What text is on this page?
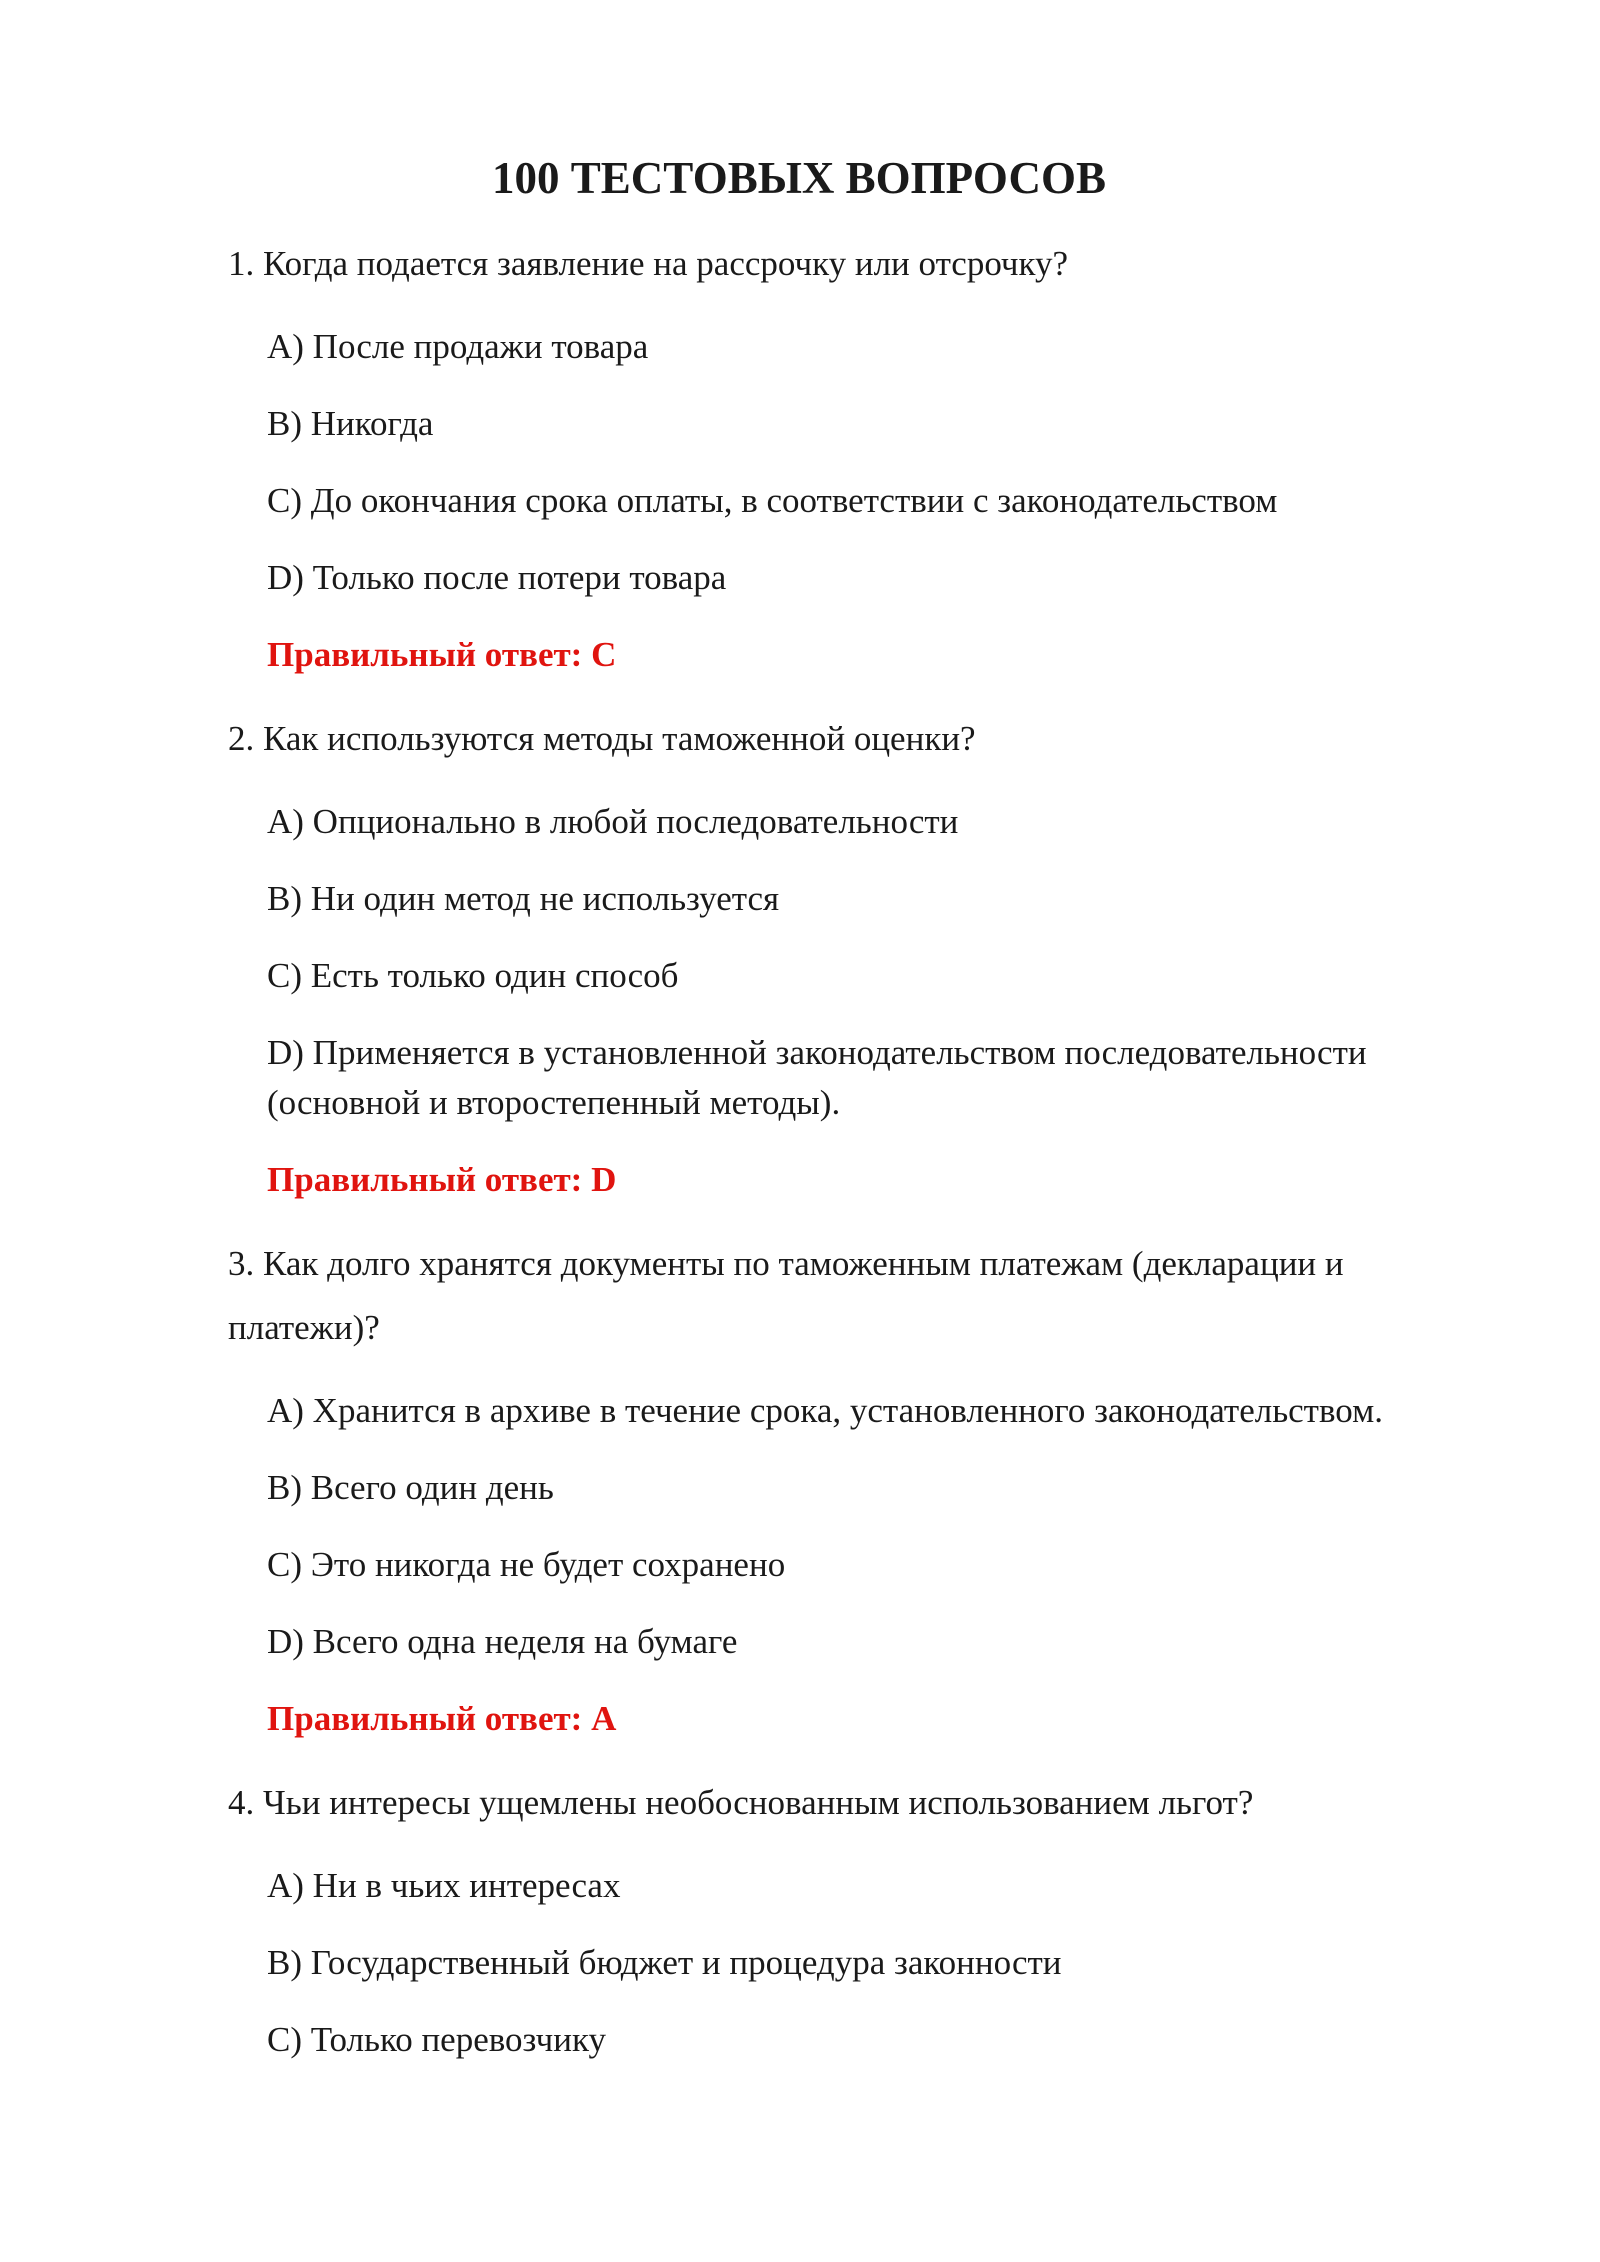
100 ТЕСТОВЫХ ВОПРОСОВ

1. Когда подается заявление на рассрочку или отсрочку?

A) После продажи товара

B) Никогда

C) До окончания срока оплаты, в соответствии с законодательством

D) Только после потери товара

Правильный ответ: C

2. Как используются методы таможенной оценки?

A) Опционально в любой последовательности

B) Ни один метод не используется

C) Есть только один способ

D) Применяется в установленной законодательством последовательности (основной и второстепенный методы).

Правильный ответ: D

3. Как долго хранятся документы по таможенным платежам (декларации и платежи)?

A) Хранится в архиве в течение срока, установленного законодательством.

B) Всего один день

C) Это никогда не будет сохранено

D) Всего одна неделя на бумаге

Правильный ответ: A

4. Чьи интересы ущемлены необоснованным использованием льгот?

A) Ни в чьих интересах

B) Государственный бюджет и процедура законности

C) Только перевозчику
